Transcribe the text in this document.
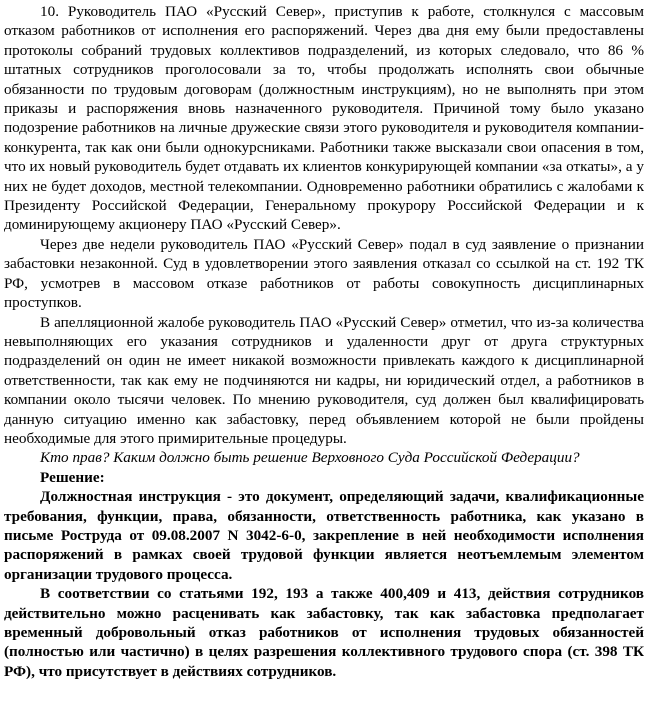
10. Руководитель ПАО «Русский Север», приступив к работе, столкнулся с массовым отказом работников от исполнения его распоряжений. Через два дня ему были предоставлены протоколы собраний трудовых коллективов подразделений, из которых следовало, что 86 % штатных сотрудников проголосовали за то, чтобы продолжать исполнять свои обычные обязанности по трудовым договорам (должностным инструкциям), но не выполнять при этом приказы и распоряжения вновь назначенного руководителя. Причиной тому было указано подозрение работников на личные дружеские связи этого руководителя и руководителя компании-конкурента, так как они были однокурсниками. Работники также высказали свои опасения в том, что их новый руководитель будет отдавать их клиентов конкурирующей компании «за откаты», а у них не будет доходов, местной телекомпании. Одновременно работники обратились с жалобами к Президенту Российской Федерации, Генеральному прокурору Российской Федерации и к доминирующему акционеру ПАО «Русский Север».

Через две недели руководитель ПАО «Русский Север» подал в суд заявление о признании забастовки незаконной. Суд в удовлетворении этого заявления отказал со ссылкой на ст. 192 ТК РФ, усмотрев в массовом отказе работников от работы совокупность дисциплинарных проступков.

В апелляционной жалобе руководитель ПАО «Русский Север» отметил, что из-за количества невыполняющих его указания сотрудников и удаленности друг от друга структурных подразделений он один не имеет никакой возможности привлекать каждого к дисциплинарной ответственности, так как ему не подчиняются ни кадры, ни юридический отдел, а работников в компании около тысячи человек. По мнению руководителя, суд должен был квалифицировать данную ситуацию именно как забастовку, перед объявлением которой не были пройдены необходимые для этого примирительные процедуры.

Кто прав? Каким должно быть решение Верховного Суда Российской Федерации?

Решение:

Должностная инструкция - это документ, определяющий задачи, квалификационные требования, функции, права, обязанности, ответственность работника, как указано в письме Роструда от 09.08.2007 N 3042-6-0, закрепление в ней необходимости исполнения распоряжений в рамках своей трудовой функции является неотъемлемым элементом организации трудового процесса.

В соответствии со статьями 192, 193 а также 400,409 и 413, действия сотрудников действительно можно расценивать как забастовку, так как забастовка предполагает временный добровольный отказ работников от исполнения трудовых обязанностей (полностью или частично) в целях разрешения коллективного трудового спора (ст. 398 ТК РФ), что присутствует в действиях сотрудников.
